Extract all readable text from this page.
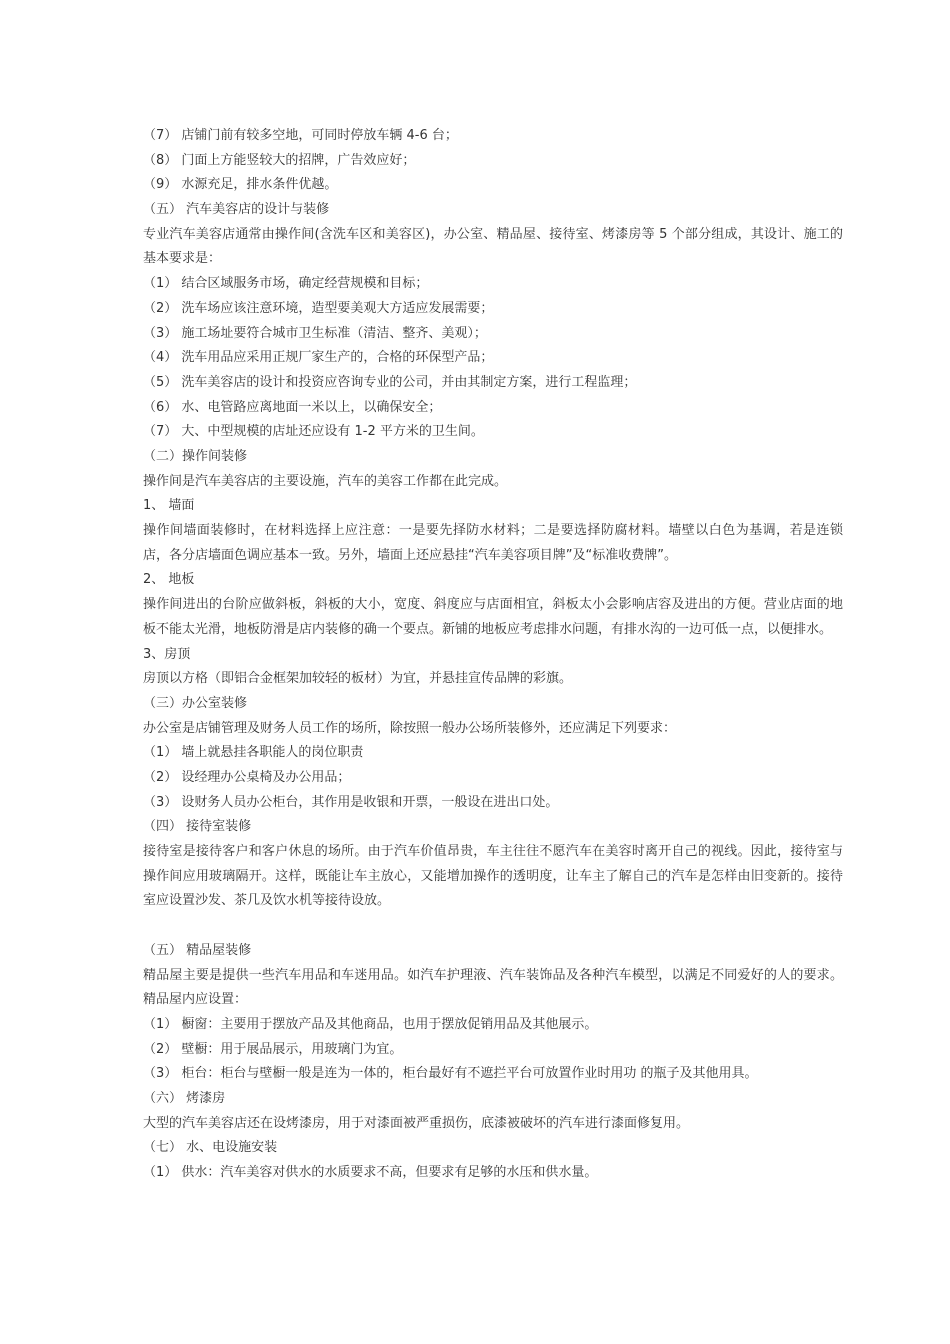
（7） 店铺门前有较多空地，可同时停放车辆 4-6 台；
（8） 门面上方能竖较大的招牌，广告效应好；
（9） 水源充足，排水条件优越。
（五） 汽车美容店的设计与装修
专业汽车美容店通常由操作间(含洗车区和美容区)，办公室、精品屋、接待室、烤漆房等 5 个部分组成，其设计、施工的基本要求是：
（1） 结合区域服务市场，确定经营规模和目标；
（2） 洗车场应该注意环境，造型要美观大方适应发展需要；
（3） 施工场址要符合城市卫生标准（清洁、整齐、美观）；
（4） 洗车用品应采用正规厂家生产的，合格的环保型产品；
（5） 洗车美容店的设计和投资应咨询专业的公司，并由其制定方案，进行工程监理；
（6） 水、电管路应离地面一米以上，以确保安全；
（7） 大、中型规模的店址还应设有 1-2 平方米的卫生间。
（二）操作间装修
操作间是汽车美容店的主要设施，汽车的美容工作都在此完成。
1、 墙面
操作间墙面装修时，在材料选择上应注意：一是要先择防水材料；二是要选择防腐材料。墙壁以白色为基调，若是连锁店，各分店墙面色调应基本一致。另外，墙面上还应悬挂“汽车美容项目牌”及“标准收费牌”。
2、 地板
操作间进出的台阶应做斜板，斜板的大小，宽度、斜度应与店面相宜，斜板太小会影响店容及进出的方便。营业店面的地板不能太光滑，地板防滑是店内装修的确一个要点。新铺的地板应考虑排水问题，有排水沟的一边可低一点，以便排水。
3、房顶
房顶以方格（即铝合金框架加较轻的板材）为宜，并悬挂宣传品牌的彩旗。
（三）办公室装修
办公室是店铺管理及财务人员工作的场所，除按照一般办公场所装修外，还应满足下列要求：
（1） 墙上就悬挂各职能人的岗位职责
（2） 设经理办公桌椅及办公用品；
（3） 设财务人员办公柜台，其作用是收银和开票，一般设在进出口处。
（四） 接待室装修
接待室是接待客户和客户休息的场所。由于汽车价值昂贵，车主往往不愿汽车在美容时离开自己的视线。因此，接待室与操作间应用玻璃隔开。这样，既能让车主放心，又能增加操作的透明度，让车主了解自己的汽车是怎样由旧变新的。接待室应设置沙发、茶几及饮水机等接待设放。
（五） 精品屋装修
精品屋主要是提供一些汽车用品和车迷用品。如汽车护理液、汽车装饰品及各种汽车模型，以满足不同爱好的人的要求。精品屋内应设置：
（1） 橱窗：主要用于摆放产品及其他商品，也用于摆放促销用品及其他展示。
（2） 壁橱：用于展品展示，用玻璃门为宜。
（3） 柜台：柜台与壁橱一般是连为一体的，柜台最好有不遮拦平台可放置作业时用功 的瓶子及其他用具。
（六） 烤漆房
大型的汽车美容店还在设烤漆房，用于对漆面被严重损伤，底漆被破坏的汽车进行漆面修复用。
（七） 水、电设施安装
（1） 供水：汽车美容对供水的水质要求不高，但要求有足够的水压和供水量。
